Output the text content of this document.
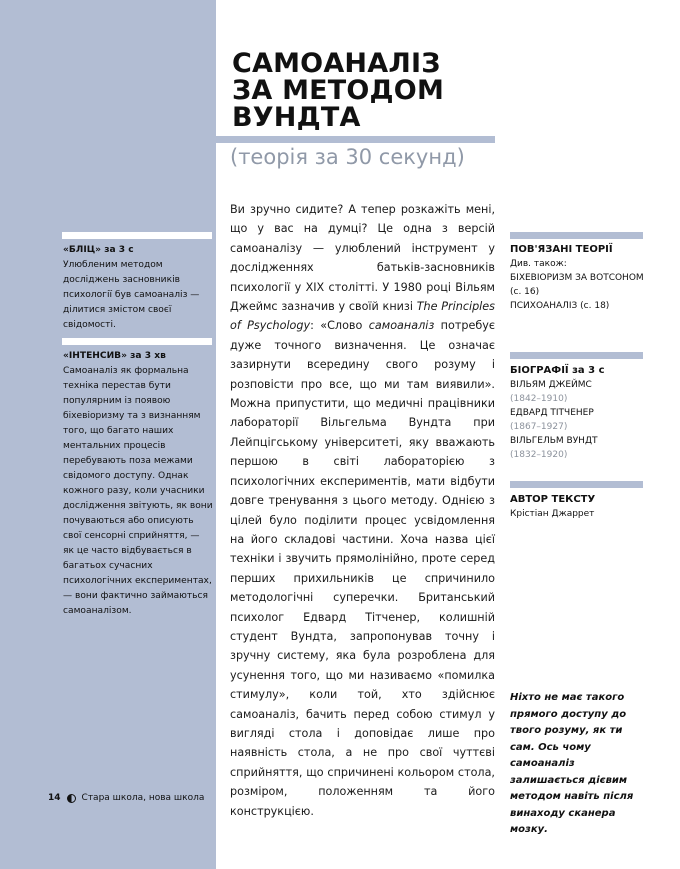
САМОАНАЛІЗ
ЗА МЕТОДОМ
ВУНДТА
(теорія за 30 секунд)
Ви зручно сидите? А тепер розкажіть мені, що у вас на думці? Це одна з версій самоаналізу — улюблений інструмент у дослідженнях батьків-засновників психології у XIX столітті. У 1980 році Вільям Джеймс зазначив у своїй книзі The Principles of Psychology: «Слово самоаналіз потребує дуже точного визначення. Це означає зазирнути всередину свого розуму і розповісти про все, що ми там виявили». Можна припустити, що медичні працівники лабораторії Вільгельма Вундта при Лейпцігському університеті, яку вважають першою в світі лабораторією з психологічних експериментів, мати відбути довге тренування з цього методу. Однією з цілей було поділити процес усвідомлення на його складові частини. Хоча назва цієї техніки і звучить прямолінійно, проте серед перших прихильників це спричинило методологічні суперечки. Британський психолог Едвард Тітченер, колишній студент Вундта, запропонував точну і зручну систему, яка була розроблена для усунення того, що ми називаємо «помилка стимулу», коли той, хто здійснює самоаналіз, бачить перед собою стимул у вигляді стола і доповідає лише про наявність стола, а не про свої чуттєві сприйняття, що спричинені кольором стола, розміром, положенням та його конструкцією.
«БЛІЦ» за 3 с
Улюбленим методом досліджень засновників психології був самоаналіз — ділитися змістом своєї свідомості.
«ІНТЕНСИВ» за 3 хв
Самоаналіз як формальна техніка перестав бути популярним із появою біхевіоризму та з визнанням того, що багато наших ментальних процесів перебувають поза межами свідомого доступу. Однак кожного разу, коли учасники дослідження звітують, як вони почуваються або описують свої сенсорні сприйняття, — як це часто відбувається в багатьох сучасних психологічних експериментах, — вони фактично займаються самоаналізом.
ПОВ'ЯЗАНІ ТЕОРІЇ
Див. також:
БІХЕВІОРИЗМ ЗА ВОТСОНОМ (с. 16)
ПСИХОАНАЛІЗ (с. 18)
БІОГРАФІЇ за 3 с
ВІЛЬЯМ ДЖЕЙМС
(1842–1910)
ЕДВАРД ТІТЧЕНЕР
(1867–1927)
ВІЛЬГЕЛЬМ ВУНДТ
(1832–1920)
АВТОР ТЕКСТУ
Крістіан Джаррет
Ніхто не має такого прямого доступу до твого розуму, як ти сам. Ось чому самоаналіз залишається дієвим методом навіть після винаходу сканера мозку.
14 Стара школа, нова школа
